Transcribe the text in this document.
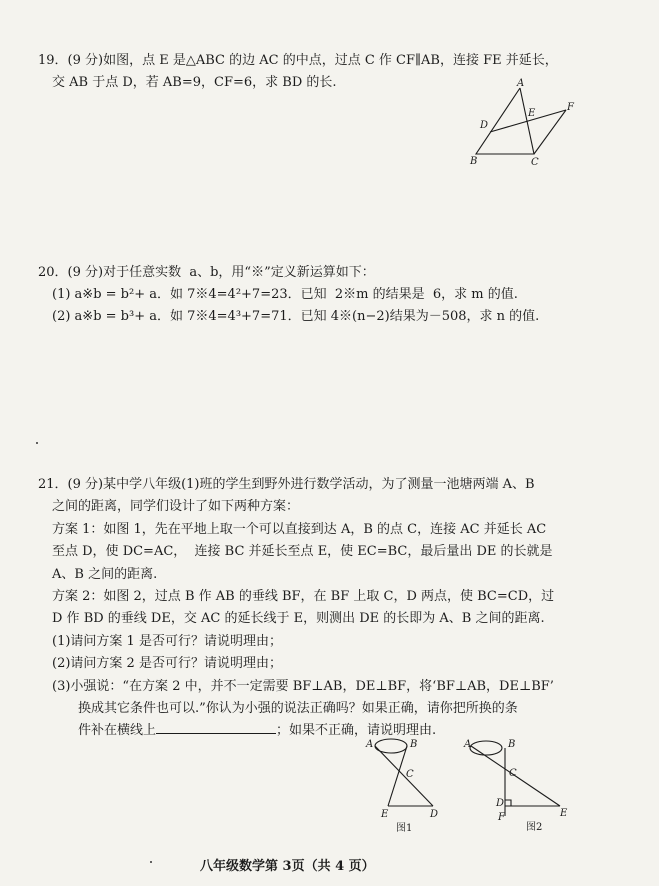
19．(9 分)如图，点 E 是△ABC 的边 AC 的中点，过点 C 作 CF∥AB，连接 FE 并延长，

交 AB 于点 D，若 AB=9，CF=6，求 BD 的长.	A
B	C
D
E
F

20．(9 分)对于任意实数  a、b，用“※”定义新运算如下：

(1) a※b = b²+ a．如 7※4=4²+7=23．已知  2※m 的结果是  6，求 m 的值.

(2) a※b = b³+ a．如 7※4=4³+7=71．已知 4※(n−2)结果为－508，求 n 的值.

21．(9 分)某中学八年级(1)班的学生到野外进行数学活动，为了测量一池塘两端 A、B

之间的距离，同学们设计了如下两种方案：

方案 1：如图 1，先在平地上取一个可以直接到达 A，B 的点 C，连接 AC 并延长 AC

至点 D，使 DC=AC，  连接 BC 并延长至点 E，使 EC=BC，最后量出 DE 的长就是

A、B 之间的距离.

方案 2：如图 2，过点 B 作 AB 的垂线 BF，在 BF 上取 C，D 两点，使 BC=CD，过

D 作 BD 的垂线 DE，交 AC 的延长线于 E，则测出 DE 的长即为 A、B 之间的距离.

(1)请问方案 1 是否可行？请说明理由；

(2)请问方案 2 是否可行？请说明理由；

(3)小强说：“在方案 2 中，并不一定需要 BF⊥AB，DE⊥BF，将‘BF⊥AB，DE⊥BF’

换成其它条件也可以.”你认为小强的说法正确吗？如果正确，请你把所换的条

件补在横线上	；如果不正确，请说明理由.

A	B
C
E	D
图1
A	B
C
D
E
F
图2
八年级数学第 3页（共 4 页）
